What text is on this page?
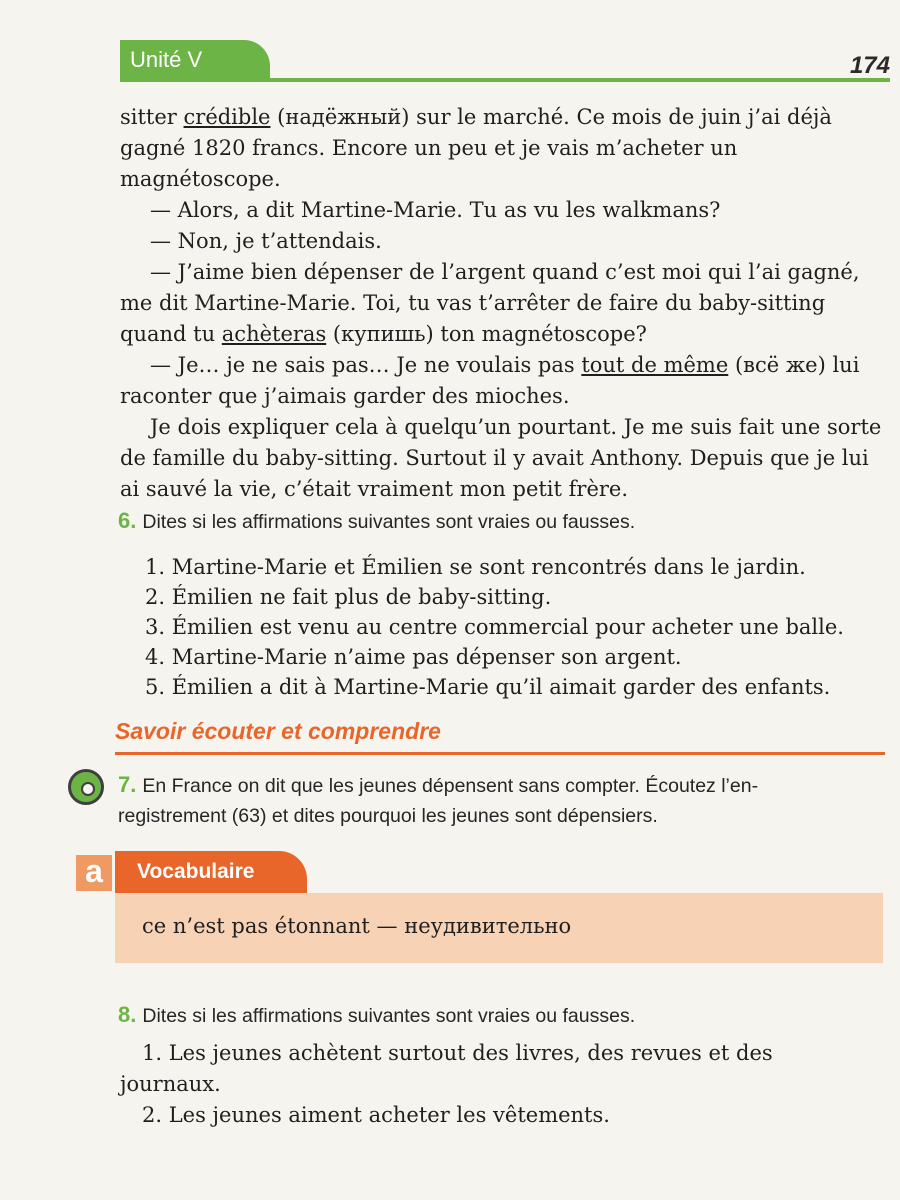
Unité V	174

sitter crédible (надёжный) sur le marché. Ce mois de juin j’ai déjà gagné 1820 francs. Encore un peu et je vais m’acheter un magnétoscope.

— Alors, a dit Martine-Marie. Tu as vu les walkmans?

— Non, je t’attendais.

— J’aime bien dépenser de l’argent quand c’est moi qui l’ai gagné, me dit Martine-Marie. Toi, tu vas t’arrêter de faire du baby-sitting quand tu achèteras (купишь) ton magnétoscope?

— Je… je ne sais pas… Je ne voulais pas tout de même (всё же) lui raconter que j’aimais garder des mioches.

Je dois expliquer cela à quelqu’un pourtant. Je me suis fait une sorte de famille du baby-sitting. Surtout il y avait Anthony. Depuis que je lui ai sauvé la vie, c’était vraiment mon petit frère.

6. Dites si les affirmations suivantes sont vraies ou fausses.
1. Martine-Marie et Émilien se sont rencontrés dans le jardin.
2. Émilien ne fait plus de baby-sitting.
3. Émilien est venu au centre commercial pour acheter une balle.
4. Martine-Marie n’aime pas dépenser son argent.
5. Émilien a dit à Martine-Marie qu’il aimait garder des enfants.
Savoir écouter et comprendre
7. En France on dit que les jeunes dépensent sans compter. Écoutez l’en-
registrement (63) et dites pourquoi les jeunes sont dépensiers.
a	Vocabulaire
ce n’est pas étonnant — неудивительно
8. Dites si les affirmations suivantes sont vraies ou fausses.

1. Les jeunes achètent surtout des livres, des revues et des journaux.

2. Les jeunes aiment acheter les vêtements.
